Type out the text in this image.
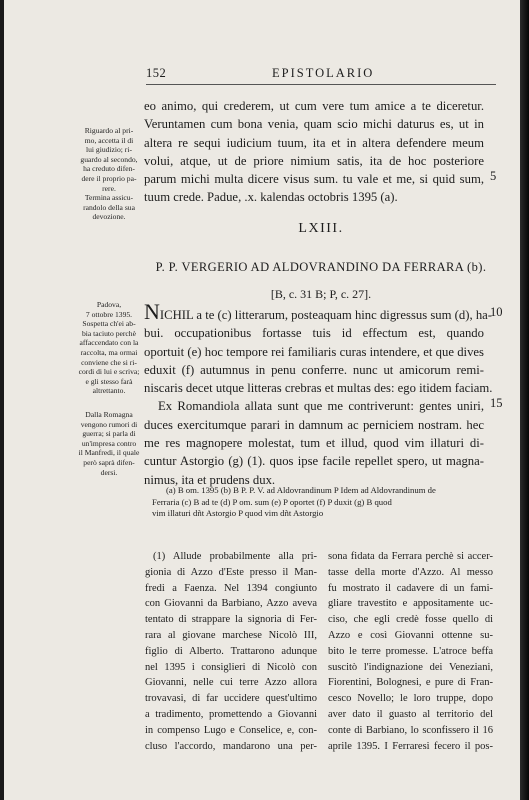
152	EPISTOLARIO
eo animo, qui crederem, ut cum vere tum amice a te diceretur.
Veruntamen cum bona venia, quam scio michi daturus es, ut in
altera re sequi iudicium tuum, ita et in altera defendere meum
volui, atque, ut de priore nimium satis, ita de hoc posteriore
parum michi multa dicere visus sum. tu vale et me, si quid sum,
tuum crede. Padue, .x. kalendas octobris 1395 (a).
5
Riguardo al pri-
mo, accetta il di
lui giudizio; ri-
guardo al secondo,
ha creduto difen-
dere il proprio pa-
rere.
Termina assicu-
randolo della sua
devozione.
LXIII.
P. P. VERGERIO AD ALDOVRANDINO DA FERRARA (b).
[B, c. 31 B; P, c. 27].
Padova,
7 ottobre 1395.
Sospetta ch'ei ab-
bia taciuto perchè
affaccendato con la
raccolta, ma ormai
conviene che si ri-
cordi di lui e scriva;
e gli stesso farà
altrettanto.
Dalla Romagna
vengono rumori di
guerra; si parla di
un'impresa contro
il Manfredi, il quale
però saprà difen-
dersi.
NICHIL a te (c) litterarum, posteaquam hinc digressus sum (d), ha-
bui. occupationibus fortasse tuis id effectum est, quando
oportuit (e) hoc tempore rei familiaris curas intendere, et que dives
eduxit (f) autumnus in penu conferre. nunc ut amicorum remi-
niscaris decet utque litteras crebras et multas des: ego itidem faciam.
Ex Romandiola allata sunt que me contriverunt: gentes uniri,
duces exercitumque parari in damnum ac perniciem nostram. hec
me res magnopere molestat, tum et illud, quod vim illaturi di-
cuntur Astorgio (g) (1). quos ipse facile repellet spero, ut magna-
nimus, ita et prudens dux.
10
15
(a) B om. 1395 (b) B P. P. V. ad Aldovrandinum P Idem ad Aldovrandinum de
Ferraria (c) B ad te (d) P om. sum (e) P oportet (f) P duxit (g) B quod
vim illaturi dñt Astorgio P quod vim dñt Astorgio
(1) Allude probabilmente alla pri-
gionia di Azzo d'Este presso il Man-
fredi a Faenza. Nel 1394 congiunto
con Giovanni da Barbiano, Azzo aveva
tentato di strappare la signoria di Fer-
rara al giovane marchese Nicolò III,
figlio di Alberto. Trattarono adunque
nel 1395 i consiglieri di Nicolò con
Giovanni, nelle cui terre Azzo allora
trovavasi, di far uccidere quest'ultimo
a tradimento, promettendo a Giovanni
in compenso Lugo e Conselice, e, con-
cluso l'accordo, mandarono una per-
sona fidata da Ferrara perchè si accer-
tasse della morte d'Azzo. Al messo
fu mostrato il cadavere di un fami-
gliare travestito e appositamente uc-
ciso, che egli credè fosse quello di
Azzo e così Giovanni ottenne su-
bito le terre promesse. L'atroce beffa
suscitò l'indignazione dei Veneziani,
Fiorentini, Bolognesi, e pure di Fran-
cesco Novello; le loro truppe, dopo
aver dato il guasto al territorio del
conte di Barbiano, lo sconfissero il 16
aprile 1395. I Ferraresi fecero il pos-
